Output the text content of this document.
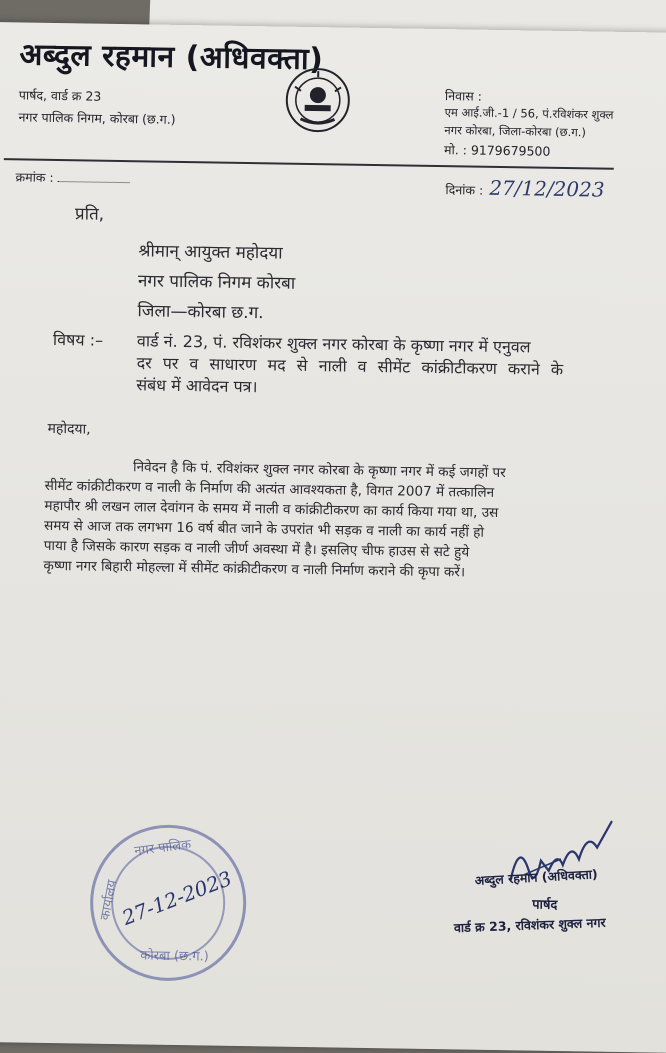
अब्दुल रहमान (अधिवक्ता)
पार्षद, वार्ड क्र 23
नगर पालिक निगम, कोरबा (छ.ग.)
निवास :
एम आई.जी.-1 / 56, पं.रविशंकर शुक्ल
नगर कोरबा, जिला-कोरबा (छ.ग.)
मो. : 9179679500
क्रमांक :
दिनांक : 27/12/2023
प्रति,
श्रीमान् आयुक्त महोदया
नगर पालिक निगम कोरबा
जिला—कोरबा छ.ग.
विषय :– वार्ड नं. 23, पं. रविशंकर शुक्ल नगर कोरबा के कृष्णा नगर में एनुवल
दर पर व साधारण मद से नाली व सीमेंट कांक्रीटीकरण कराने के
संबंध में आवेदन पत्र।
महोदया,
निवेदन है कि पं. रविशंकर शुक्ल नगर कोरबा के कृष्णा नगर में कई जगहों पर
सीमेंट कांक्रीटीकरण व नाली के निर्माण की अत्यंत आवश्यकता है, विगत 2007 में तत्कालिन
महापौर श्री लखन लाल देवांगन के समय में नाली व कांक्रीटीकरण का कार्य किया गया था, उस
समय से आज तक लगभग 16 वर्ष बीत जाने के उपरांत भी सड़क व नाली का कार्य नहीं हो
पाया है जिसके कारण सड़क व नाली जीर्ण अवस्था में है। इसलिए चीफ हाउस से सटे हुये
कृष्णा नगर बिहारी मोहल्ला में सीमेंट कांक्रीटीकरण व नाली निर्माण कराने की कृपा करें।
नगर पालिक
कोरबा (छ.ग.)
कार्यालय
27-12-2023	अब्दुल रहमान (अधिवक्ता)
पार्षद
वार्ड क्र 23, रविशंकर शुक्ल नगर
